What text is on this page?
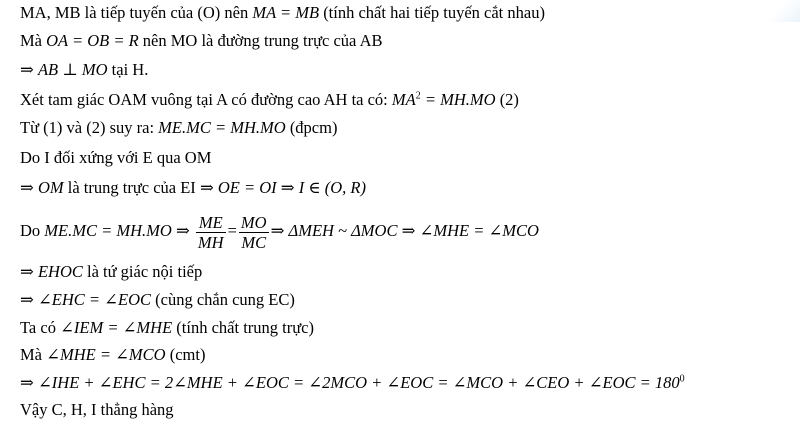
MA, MB là tiếp tuyến của (O) nên MA = MB (tính chất hai tiếp tuyến cắt nhau)
Mà OA = OB = R nên MO là đường trung trực của AB
⇒ AB ⊥ MO tại H.
Xét tam giác OAM vuông tại A có đường cao AH ta có: $MA^2 = MH.MO$ (2)
Từ (1) và (2) suy ra: ME.MC = MH.MO (đpcm)
Do I đối xứng với E qua OM
⇒ OM là trung trực của EI ⇒ OE = OI ⇒ I ∈ (O, R)
Do ME.MC = MH.MO ⇒ $\frac{ME}{MH} = \frac{MO}{MC}$ ⇒ ΔMEH ~ ΔMOC ⇒ ∠MHE = ∠MCO
⇒ EHOC là tứ giác nội tiếp
⇒ ∠EHC = ∠EOC (cùng chắn cung EC)
Ta có ∠IEM = ∠MHE (tính chất trung trực)
Mà ∠MHE = ∠MCO (cmt)
⇒ ∠IHE + ∠EHC = 2∠MHE + ∠EOC = ∠2MCO + ∠EOC = ∠MCO + ∠CEO + ∠EOC = $180^0$
Vậy C, H, I thẳng hàng
